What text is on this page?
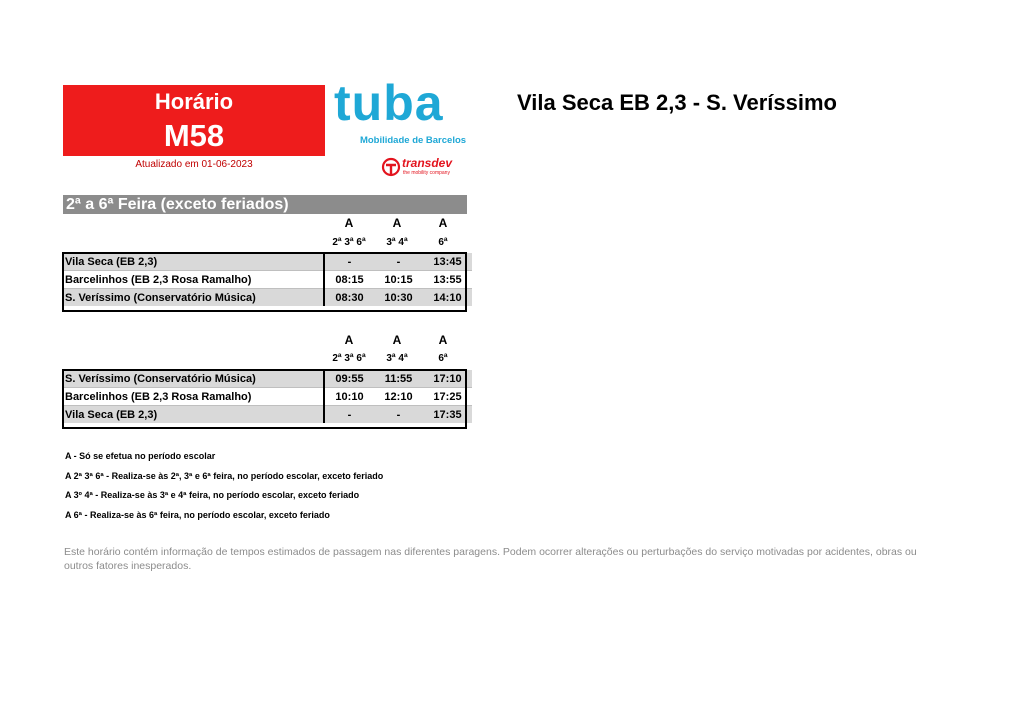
Horário
M58
Atualizado em 01-06-2023
tuba
Mobilidade de Barcelos
transdev
the mobility company
Vila Seca EB 2,3 - S. Veríssimo
2ª a 6ª Feira (exceto feriados)
A	A	A
2ª 3ª 6ª	3ª 4ª	6ª
Vila Seca (EB 2,3)	-	-	13:45
Barcelinhos (EB 2,3 Rosa Ramalho)	08:15	10:15	13:55
S. Veríssimo (Conservatório Música)	08:30	10:30	14:10
A	A	A
2ª 3ª 6ª	3ª 4ª	6ª
S. Veríssimo (Conservatório Música)	09:55	11:55	17:10
Barcelinhos (EB 2,3 Rosa Ramalho)	10:10	12:10	17:25
Vila Seca (EB 2,3)	-	-	17:35
A - Só se efetua no período escolar
A 2ª 3ª 6ª - Realiza-se às 2ª, 3ª e 6ª feira, no período escolar, exceto feriado
A 3º 4ª - Realiza-se às 3ª e 4ª feira, no período escolar, exceto feriado
A 6ª - Realiza-se às 6ª feira, no período escolar, exceto feriado
Este horário contém informação de tempos estimados de passagem nas diferentes paragens. Podem ocorrer alterações ou perturbações do serviço motivadas por acidentes, obras ou outros fatores inesperados.
